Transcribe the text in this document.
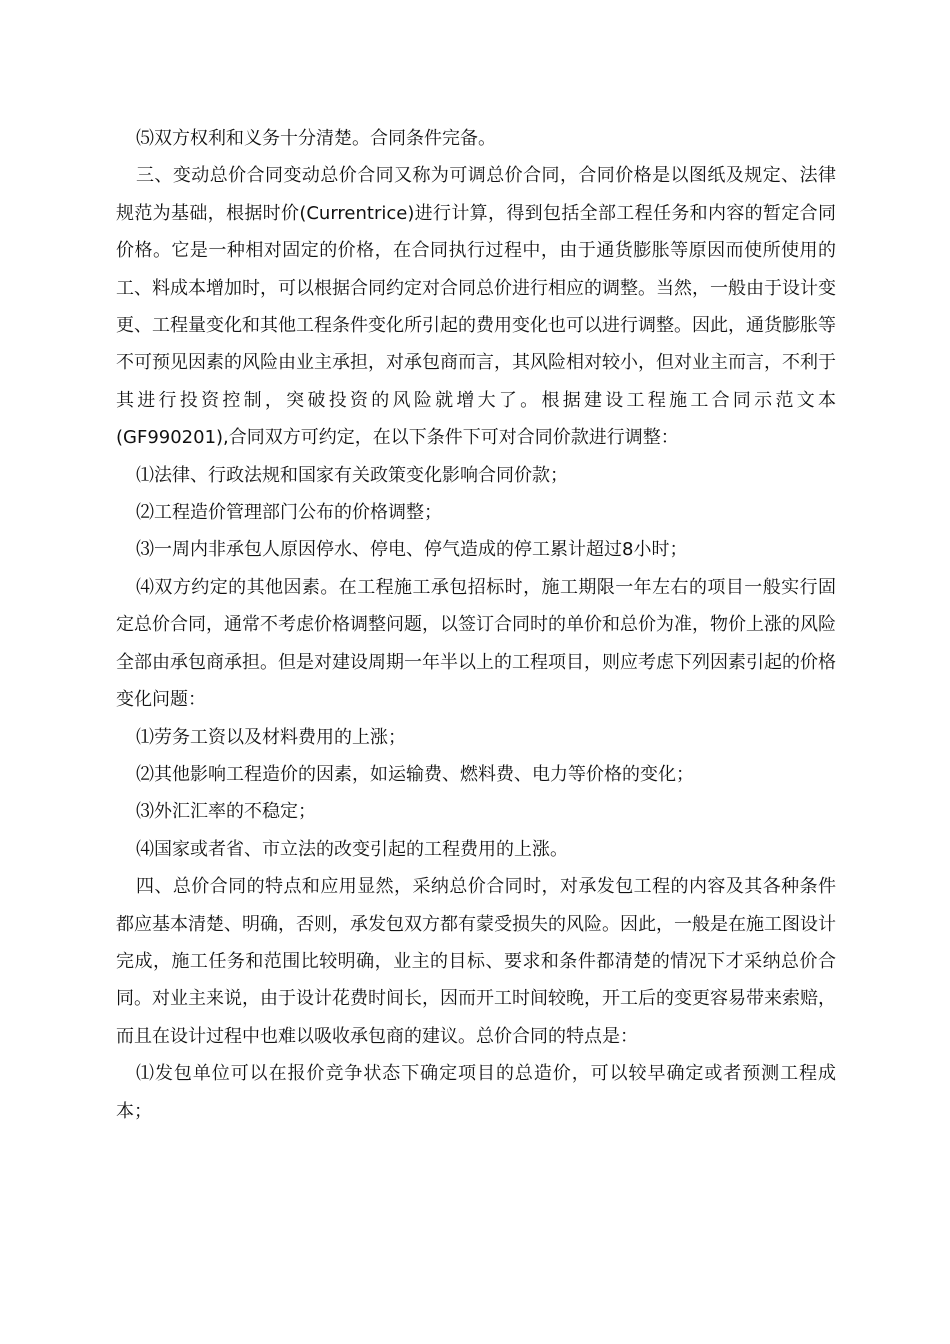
⑸双方权利和义务十分清楚。合同条件完备。

三、变动总价合同变动总价合同又称为可调总价合同，合同价格是以图纸及规定、法律规范为基础，根据时价(Currentrice)进行计算，得到包括全部工程任务和内容的暂定合同价格。它是一种相对固定的价格，在合同执行过程中，由于通货膨胀等原因而使所使用的工、料成本增加时，可以根据合同约定对合同总价进行相应的调整。当然，一般由于设计变更、工程量变化和其他工程条件变化所引起的费用变化也可以进行调整。因此，通货膨胀等不可预见因素的风险由业主承担，对承包商而言，其风险相对较小，但对业主而言，不利于其进行投资控制，突破投资的风险就增大了。根据建设工程施工合同示范文本(GF990201),合同双方可约定，在以下条件下可对合同价款进行调整：

⑴法律、行政法规和国家有关政策变化影响合同价款；

⑵工程造价管理部门公布的价格调整；

⑶一周内非承包人原因停水、停电、停气造成的停工累计超过8小时；

⑷双方约定的其他因素。在工程施工承包招标时，施工期限一年左右的项目一般实行固定总价合同，通常不考虑价格调整问题，以签订合同时的单价和总价为准，物价上涨的风险全部由承包商承担。但是对建设周期一年半以上的工程项目，则应考虑下列因素引起的价格变化问题：

⑴劳务工资以及材料费用的上涨；

⑵其他影响工程造价的因素，如运输费、燃料费、电力等价格的变化；

⑶外汇汇率的不稳定；

⑷国家或者省、市立法的改变引起的工程费用的上涨。

四、总价合同的特点和应用显然，采纳总价合同时，对承发包工程的内容及其各种条件都应基本清楚、明确，否则，承发包双方都有蒙受损失的风险。因此，一般是在施工图设计完成，施工任务和范围比较明确，业主的目标、要求和条件都清楚的情况下才采纳总价合同。对业主来说，由于设计花费时间长，因而开工时间较晚，开工后的变更容易带来索赔，而且在设计过程中也难以吸收承包商的建议。总价合同的特点是：

⑴发包单位可以在报价竞争状态下确定项目的总造价，可以较早确定或者预测工程成本；
